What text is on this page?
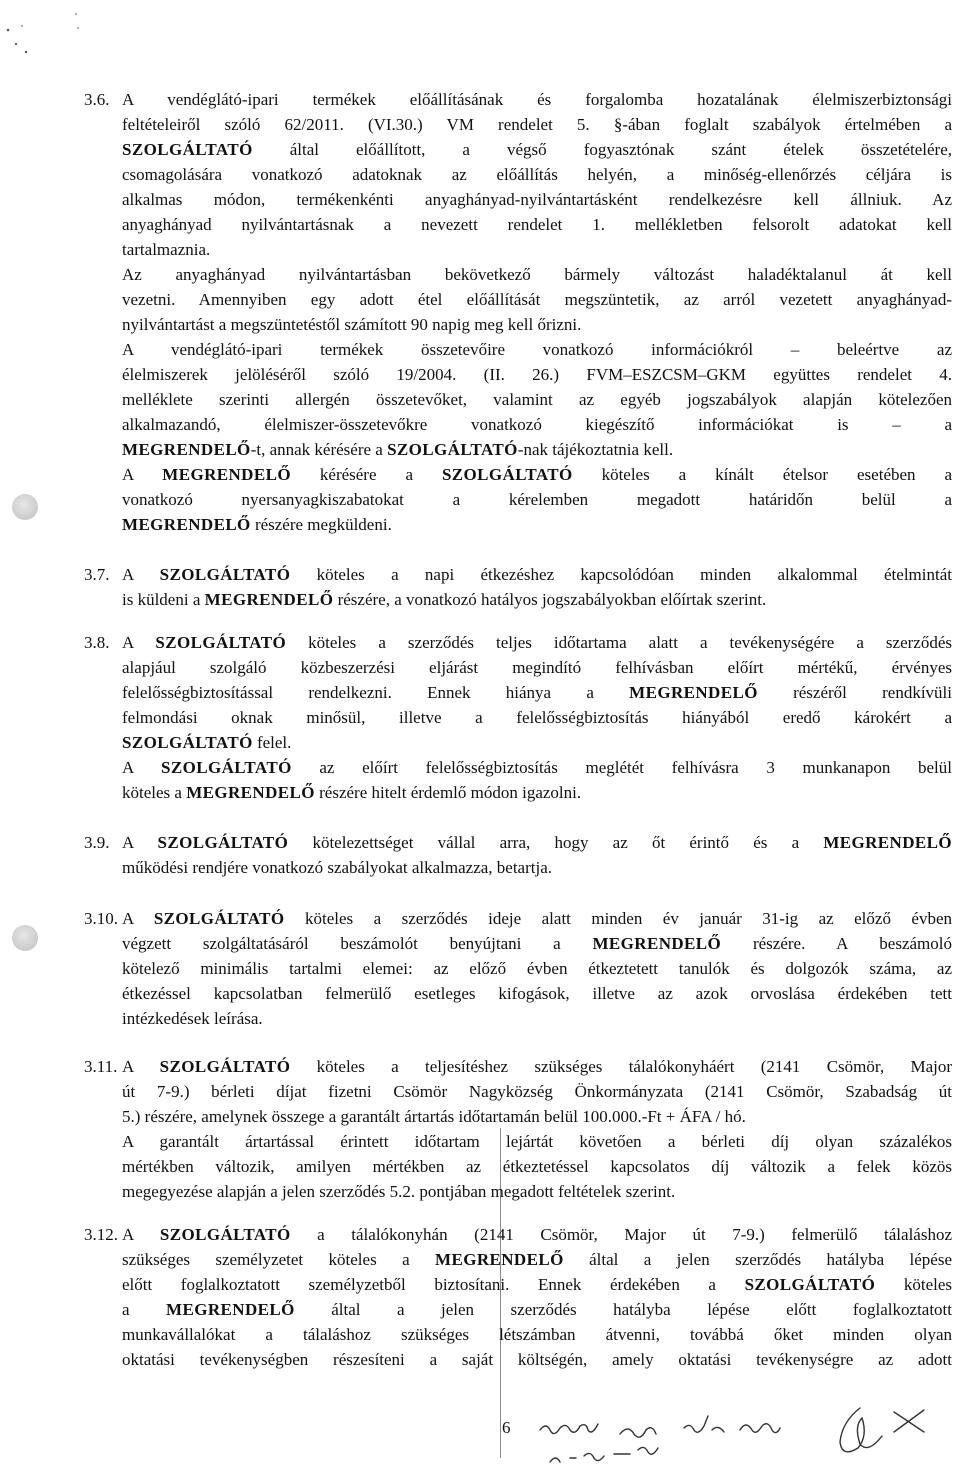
3.6. A vendéglátó-ipari termékek előállításának és forgalomba hozatalának élelmiszerbiztonsági
feltételeiről szóló 62/2011. (VI.30.) VM rendelet 5. §-ában foglalt szabályok értelmében a
SZOLGÁLTATÓ által előállított, a végső fogyasztónak szánt ételek összetételére,
csomagolására vonatkozó adatoknak az előállítás helyén, a minőség-ellenőrzés céljára is
alkalmas módon, termékenkénti anyaghányad-nyilvántartásként rendelkezésre kell állniuk. Az
anyaghányad nyilvántartásnak a nevezett rendelet 1. mellékletben felsorolt adatokat kell
tartalmaznia.
Az anyaghányad nyilvántartásban bekövetkező bármely változást haladéktalanul át kell
vezetni. Amennyiben egy adott étel előállítását megszüntetik, az arról vezetett anyaghányad-
nyilvántartást a megszüntetéstől számított 90 napig meg kell őrizni.
A vendéglátó-ipari termékek összetevőire vonatkozó információkról – beleértve az
élelmiszerek jelöléséről szóló 19/2004. (II. 26.) FVM–ESZCSM–GKM együttes rendelet 4.
melléklete szerinti allergén összetevőket, valamint az egyéb jogszabályok alapján kötelezően
alkalmazandó, élelmiszer-összetevőkre vonatkozó kiegészítő információkat is – a
MEGRENDELŐ-t, annak kérésére a SZOLGÁLTATÓ-nak tájékoztatnia kell.
A MEGRENDELŐ kérésére a SZOLGÁLTATÓ köteles a kínált ételsor esetében a
vonatkozó nyersanyagkiszabatokat a kérelemben megadott határidőn belül a
MEGRENDELŐ részére megküldeni.
3.7. A SZOLGÁLTATÓ köteles a napi étkezéshez kapcsolódóan minden alkalommal ételmintát
is küldeni a MEGRENDELŐ részére, a vonatkozó hatályos jogszabályokban előírtak szerint.
3.8. A SZOLGÁLTATÓ köteles a szerződés teljes időtartama alatt a tevékenységére a szerződés
alapjául szolgáló közbeszerzési eljárást megindító felhívásban előírt mértékű, érvényes
felelősségbiztosítással rendelkezni. Ennek hiánya a MEGRENDELŐ részéről rendkívüli
felmondási oknak minősül, illetve a felelősségbiztosítás hiányából eredő károkért a
SZOLGÁLTATÓ felel.
A SZOLGÁLTATÓ az előírt felelősségbiztosítás meglétét felhívásra 3 munkanapon belül
köteles a MEGRENDELŐ részére hitelt érdemlő módon igazolni.
3.9. A SZOLGÁLTATÓ kötelezettséget vállal arra, hogy az őt érintő és a MEGRENDELŐ
működési rendjére vonatkozó szabályokat alkalmazza, betartja.
3.10. A SZOLGÁLTATÓ köteles a szerződés ideje alatt minden év január 31-ig az előző évben
végzett szolgáltatásáról beszámolót benyújtani a MEGRENDELŐ részére. A beszámoló
kötelező minimális tartalmi elemei: az előző évben étkeztetett tanulók és dolgozók száma, az
étkezéssel kapcsolatban felmerülő esetleges kifogások, illetve az azok orvoslása érdekében tett
intézkedések leírása.
3.11. A SZOLGÁLTATÓ köteles a teljesítéshez szükséges tálalókonyháért (2141 Csömör, Major
út 7-9.) bérleti díjat fizetni Csömör Nagyközség Önkormányzata (2141 Csömör, Szabadság út
5.) részére, amelynek összege a garantált ártartás időtartamán belül 100.000.-Ft + ÁFA / hó.
A garantált ártartással érintett időtartam lejártát követően a bérleti díj olyan százalékos
mértékben változik, amilyen mértékben az étkeztetéssel kapcsolatos díj változik a felek közös
megegyezése alapján a jelen szerződés 5.2. pontjában megadott feltételek szerint.
3.12. A SZOLGÁLTATÓ a tálalókonyhán (2141 Csömör, Major út 7-9.) felmerülő tálaláshoz
szükséges személyzetet köteles a MEGRENDELŐ által a jelen szerződés hatályba lépése
előtt foglalkoztatott személyzetből biztosítani. Ennek érdekében a SZOLGÁLTATÓ köteles
a MEGRENDELŐ által a jelen szerződés hatályba lépése előtt foglalkoztatott
munkavállalókat a tálaláshoz szükséges létszámban átvenni, továbbá őket minden olyan
oktatási tevékenységben részesíteni a saját költségén, amely oktatási tevékenységre az adott
6
